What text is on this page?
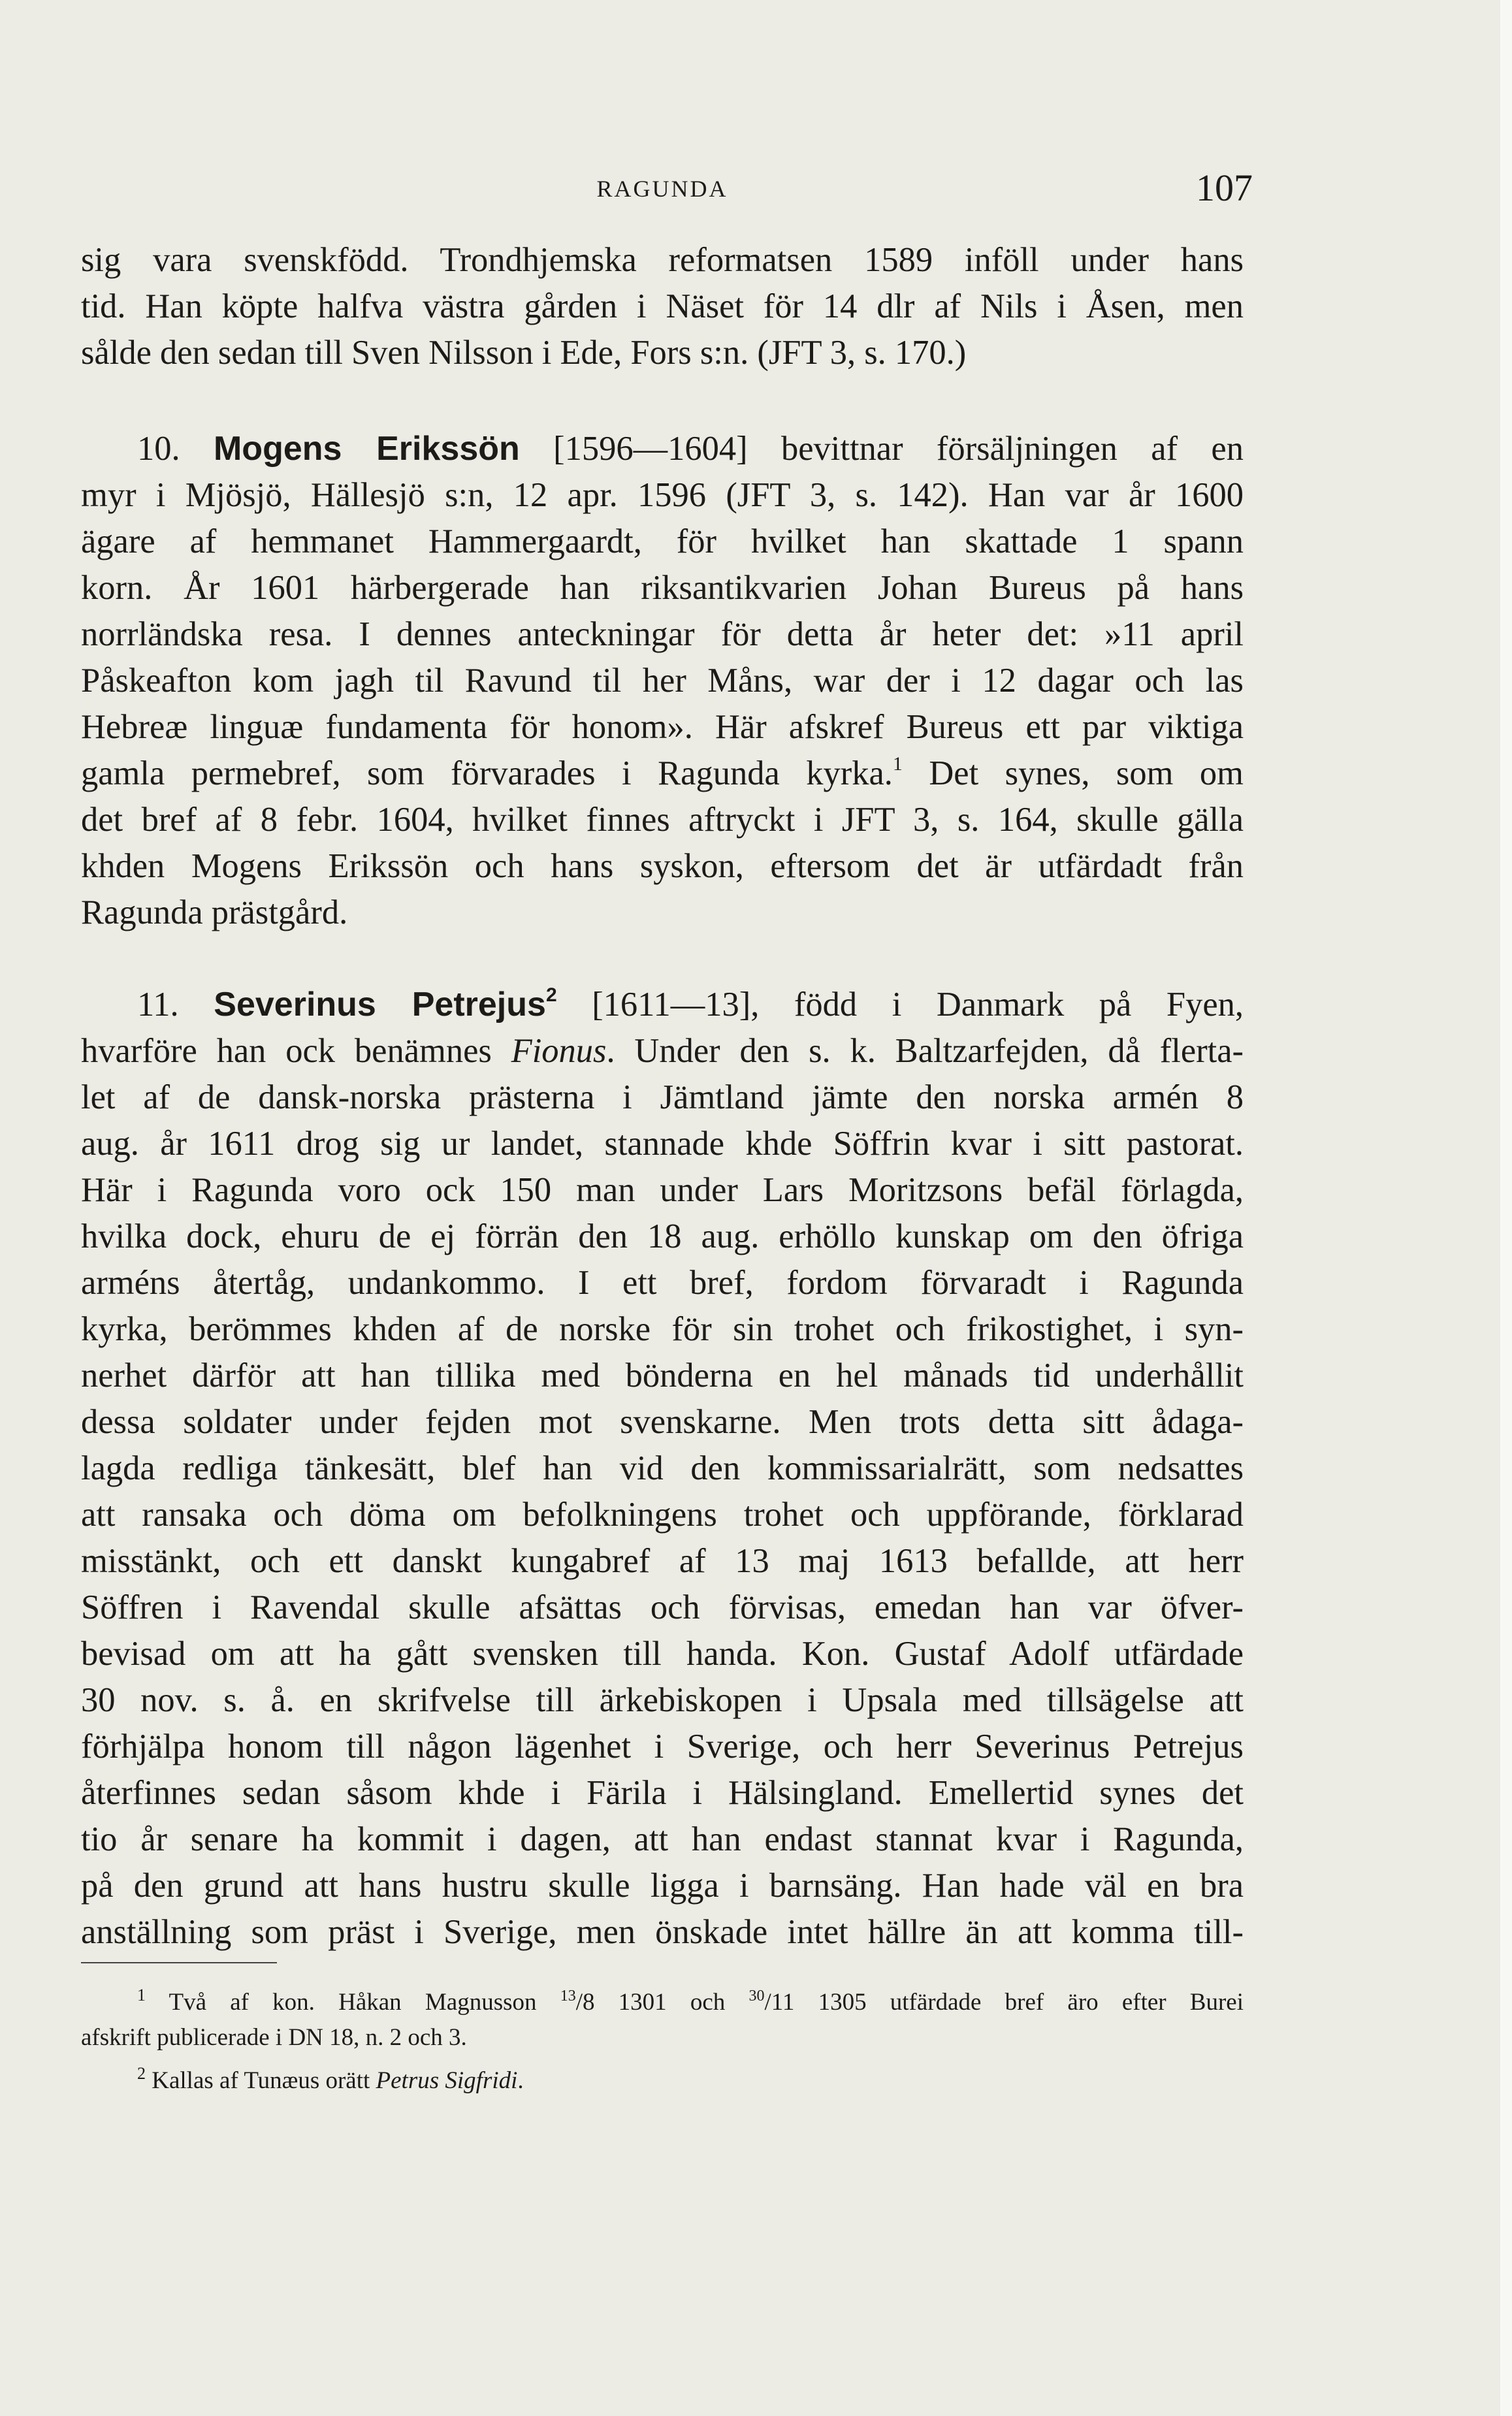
RAGUNDA	107
sig vara svenskfödd. Trondhjemska reformatsen 1589 inföll under hans
tid. Han köpte halfva västra gården i Näset för 14 dlr af Nils i Åsen, men
sålde den sedan till Sven Nilsson i Ede, Fors s:n. (JFT 3, s. 170.)
10. Mogens Erikssön [1596—1604] bevittnar försäljningen af en
myr i Mjösjö, Hällesjö s:n, 12 apr. 1596 (JFT 3, s. 142). Han var år 1600
ägare af hemmanet Hammergaardt, för hvilket han skattade 1 spann
korn. År 1601 härbergerade han riksantikvarien Johan Bureus på hans
norrländska resa. I dennes anteckningar för detta år heter det: »11 april
Påskeafton kom jagh til Ravund til her Måns, war der i 12 dagar och las
Hebreæ linguæ fundamenta för honom». Här afskref Bureus ett par viktiga
gamla permebref, som förvarades i Ragunda kyrka.$^1$ Det synes, som om
det bref af 8 febr. 1604, hvilket finnes aftryckt i JFT 3, s. 164, skulle gälla
khden Mogens Erikssön och hans syskon, eftersom det är utfärdadt från
Ragunda prästgård.
11. Severinus Petrejus$^2$ [1611—13], född i Danmark på Fyen,
hvarföre han ock benämnes Fionus. Under den s. k. Baltzarfejden, då flerta-
let af de dansk-norska prästerna i Jämtland jämte den norska armén 8
aug. år 1611 drog sig ur landet, stannade khde Söffrin kvar i sitt pastorat.
Här i Ragunda voro ock 150 man under Lars Moritzsons befäl förlagda,
hvilka dock, ehuru de ej förrän den 18 aug. erhöllo kunskap om den öfriga
arméns återtåg, undankommo. I ett bref, fordom förvaradt i Ragunda
kyrka, berömmes khden af de norske för sin trohet och frikostighet, i syn-
nerhet därför att han tillika med bönderna en hel månads tid underhållit
dessa soldater under fejden mot svenskarne. Men trots detta sitt ådaga-
lagda redliga tänkesätt, blef han vid den kommissarialrätt, som nedsattes
att ransaka och döma om befolkningens trohet och uppförande, förklarad
misstänkt, och ett danskt kungabref af 13 maj 1613 befallde, att herr
Söffren i Ravendal skulle afsättas och förvisas, emedan han var öfver-
bevisad om att ha gått svensken till handa. Kon. Gustaf Adolf utfärdade
30 nov. s. å. en skrifvelse till ärkebiskopen i Upsala med tillsägelse att
förhjälpa honom till någon lägenhet i Sverige, och herr Severinus Petrejus
återfinnes sedan såsom khde i Färila i Hälsingland. Emellertid synes det
tio år senare ha kommit i dagen, att han endast stannat kvar i Ragunda,
på den grund att hans hustru skulle ligga i barnsäng. Han hade väl en bra
anställning som präst i Sverige, men önskade intet hällre än att komma till-
$^1$ Två af kon. Håkan Magnusson $^{13}$/8 1301 och $^{30}$/11 1305 utfärdade bref äro efter Burei
afskrift publicerade i DN 18, n. 2 och 3.
$^2$ Kallas af Tunæus orätt Petrus Sigfridi.
